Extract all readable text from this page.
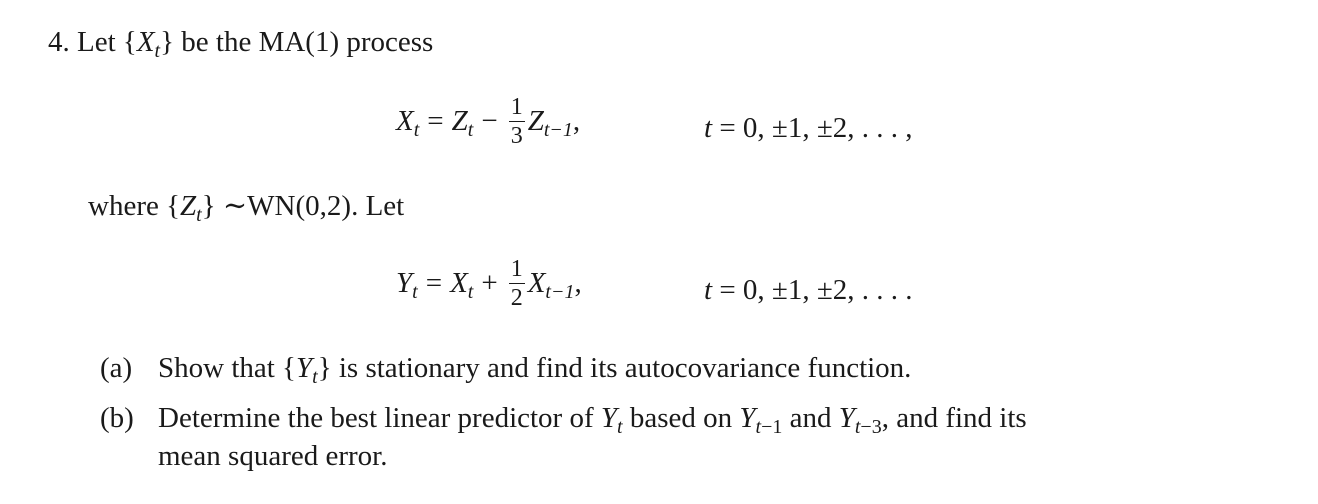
4. Let $\{X_t\}$ be the MA(1) process
$X_t = Z_t - \frac{1}{3} Z_{t-1}$,	t = 0, ±1, ±2, . . . ,
where $\{Z_t\}$ ∼WN(0,2). Let
$Y_t = X_t + \frac{1}{2} X_{t-1}$,	t = 0, ±1, ±2, . . . .
(a) Show that $\{Y_t\}$ is stationary and find its autocovariance function.
(b) Determine the best linear predictor of $Y_t$ based on $Y_{t-1}$ and $Y_{t-3}$, and find its
mean squared error.
